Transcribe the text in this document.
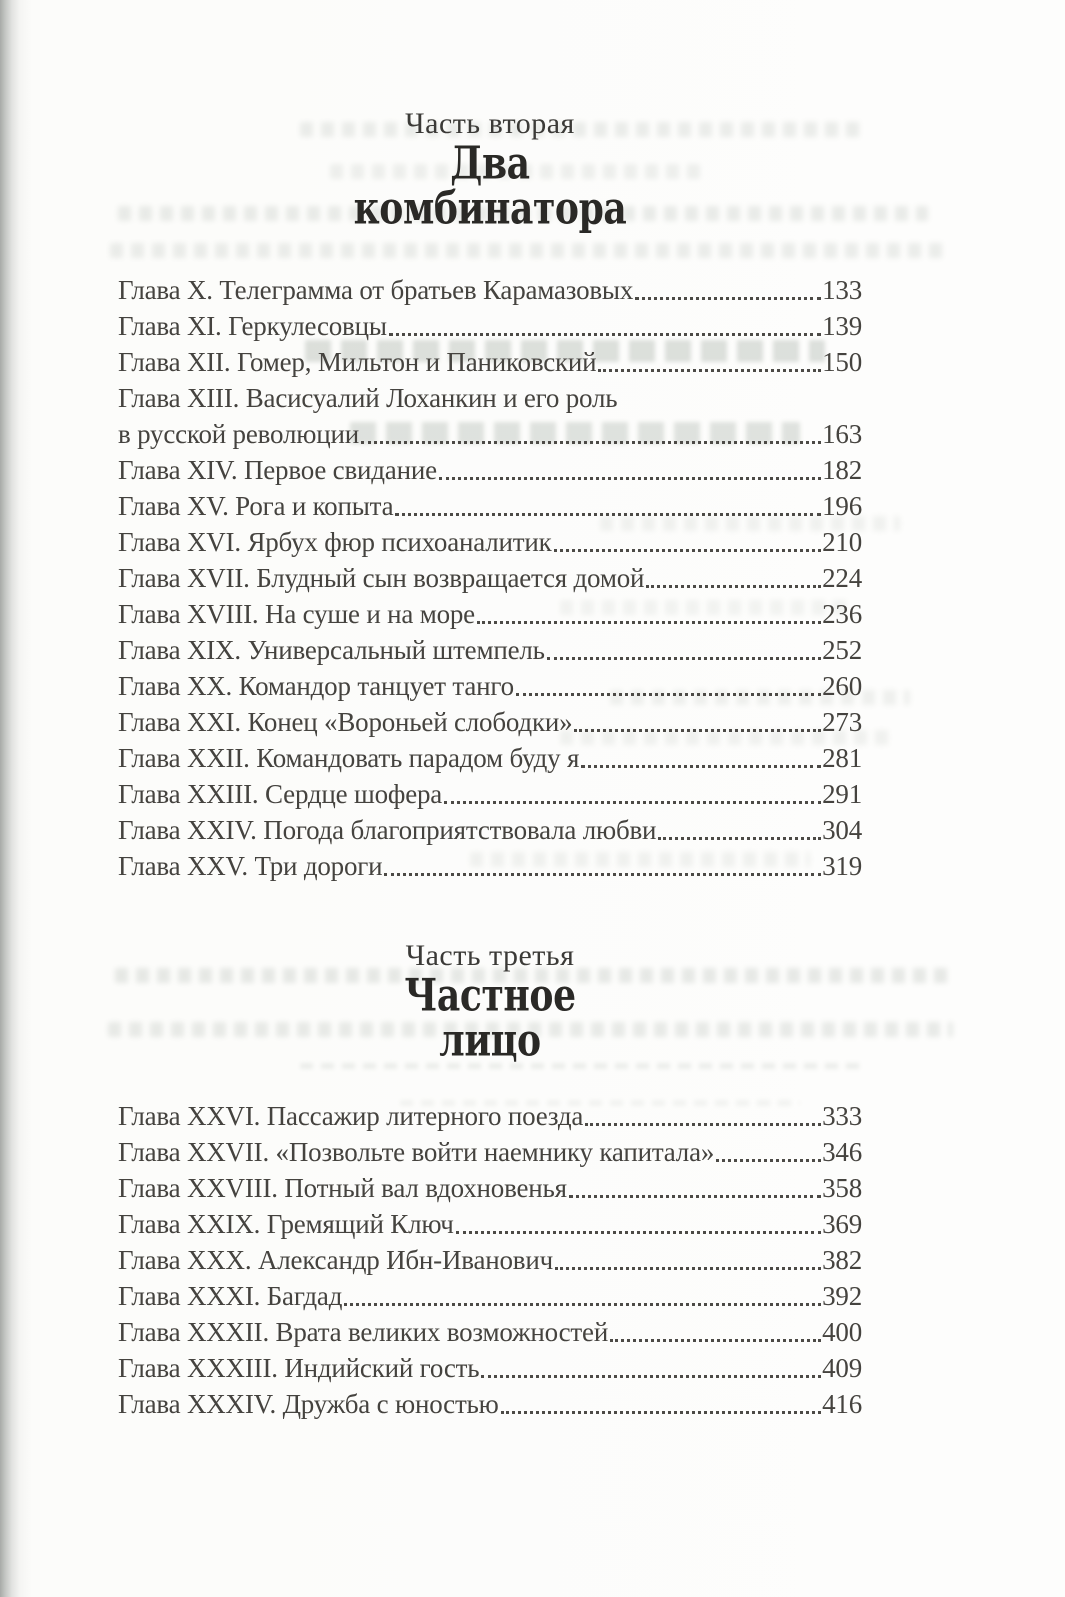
Часть вторая
Два
комбинатора
Глава X. Телеграмма от братьев Карамазовых	133
Глава XI. Геркулесовцы	139
Глава XII. Гомер, Мильтон и Паниковский	150
Глава XIII. Васисуалий Лоханкин и его роль
в русской революции	163
Глава XIV. Первое свидание	182
Глава XV. Рога и копыта	196
Глава XVI. Ярбух фюр психоаналитик	210
Глава XVII. Блудный сын возвращается домой	224
Глава XVIII. На суше и на море	236
Глава XIX. Универсальный штемпель	252
Глава XX. Командор танцует танго	260
Глава XXI. Конец «Вороньей слободки»	273
Глава XXII. Командовать парадом буду я	281
Глава XXIII. Сердце шофера	291
Глава XXIV. Погода благоприятствовала любви	304
Глава XXV. Три дороги	319
Часть третья
Частное
лицо
Глава XXVI. Пассажир литерного поезда	333
Глава XXVII. «Позвольте войти наемнику капитала»	346
Глава XXVIII. Потный вал вдохновенья	358
Глава XXIX. Гремящий Ключ	369
Глава XXX. Александр Ибн-Иванович	382
Глава XXXI. Багдад	392
Глава XXXII. Врата великих возможностей	400
Глава XXXIII. Индийский гость	409
Глава XXXIV. Дружба с юностью	416
